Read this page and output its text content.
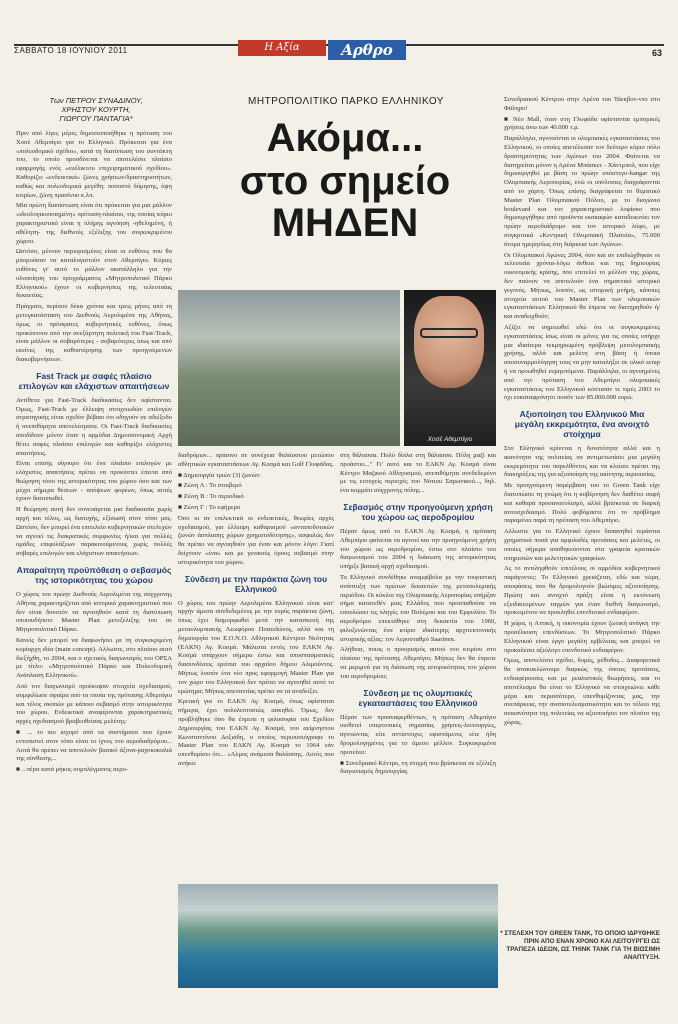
ΣΑΒΒΑΤΟ 18 ΙΟΥΝΙΟΥ 2011	Η Αξία	Αρθρο	63
Των ΠΕΤΡΟΥ ΣΥΝΑΔΙΝΟΥ,
ΧΡΗΣΤΟΥ ΚΟΥΡΤΗ,
ΓΙΩΡΓΟΥ ΠΑΝΤΑΓΙΑ*
ΜΗΤΡΟΠΟΛΙΤΙΚΟ ΠΑΡΚΟ ΕΛΛΗΝΙΚΟΥ
Ακόμα...
στο σημείο
ΜΗΔΕΝ

Πριν από λίγες μέρες δημοσιοποιήθηκε η πρόταση του Χοσέ Αθεμπίγιο για το Ελληνικό. Πρόκειται για ένα «πολεοδομικό σχέδιο», κατά τη διατύπωση του συντάκτη του, το οποίο προσδίνεται να αποτελέσει πλαίσιο εφαρμογής ενός «ευέλικτου επιχειρηματικού σχεδίου». Καθορίζει «ενδεικτικά» ζώνες χρήσεων/δραστηριοτήτων, καθώς και πολεοδομικά μεγέθη: ποσοστό δόμησης, ύψη κτιρίων, ζώνη πρασίνου κ.λπ.

Μία πρώτη διαπίστωση είναι ότι πρόκειται για μια μάλλον «ιδεολογικοποιημένη» πρόταση-πλαίσιο, της οποίας κύριο χαρακτηριστικό είναι η πλήρης αγνόηση -ηθελημένη, ή αθέλητη- της διεθνούς εξέλιξης του συγκεκριμένου χώρου.

Ωστόσο, μένουν περιορισμένες είναι οι ευθύνες που θα μπορούσαν να καταλογιστούν στον Αθεμπίγιο. Κύριες ευθύνες γι' αυτό το μάλλον ακατάλληλο για την υλοποίηση του προγράμματος «Μητροπολιτικό Πάρκο Ελληνικού» έχουν οι κυβερνήσεις της τελευταίας δεκαετίας.

Πράγματι, περίπου δέκα χρόνια και τρεις μήνες από τη μετεγκατάσταση του Διεθνούς Αερολιμένα της Αθήνας, όμως οι πρόσφατες κυβερνητικές ευθύνες, όπως προκύπτουν από την ανεξάρτητη πολιτική του Fast-Track, είναι μάλλον οι σοβαρότερες - σοβαρότερες ίσως και από εκείνες της καθυστέρησης των προηγούμενων διακυβερνήσεων.

Fast Track με σαφές πλαίσιο επιλογών και ελάχιστων απαιτήσεων

Αντίθετα για Fast-Track διαδικασίες δεν υφίστανται. Όμως, Fast-Track με έλλειψη στοιχειωδών επιλογών στρατηγικής είναι σχεδόν βέβαιο ότι οδηγούν σε αδιέξοδο ή ανεπιθύμητα αποτελέσματα. Οι Fast-Track διαδικασίες αποδίδουν μόνον όταν η αρμόδια Δημοσιονομική Αρχή θέτει σαφές πλαίσιο επιλογών και καθορίζει ελάχιστες απαιτήσεις.

Είναι επίσης σίγουρο ότι ένα πλαίσιο επιλογών με ελάχιστες απαιτήσεις πρέπει να προκύπτει έπειτα από θεώρηση τόσο της ιστορικότητας του χώρου όσο και των μέχρι σήμερα θέσεων - απόψεων φορέων, όπως αυτές έχουν διατυπωθεί.

Η θεώρηση αυτή δεν συνεπάγεται μια διαδικασία χωρίς αρχή και τέλος, ως διατυχής, εξίσωσή στον τόπο μας. Ωστόσο, δεν μπορεί ένα επιτελείο κυβερνητικών στελεχών να αγνοεί τις διακρατικές συμφωνίες ή/και για πολλές ομάδες επιφυλάξεων παρακινούμενους χωρίς πολλές σοβαρές επιλογών και ελάχιστων απαιτήσεων.

Απαραίτητη προϋπόθεση ο σεβασμός της ιστορικότητας του χώρου

Ο χώρος του πρώην Διεθνούς Αερολιμένα της σύγχρονης Αθήνας χαρακτηρίζεται από ιστορικό χαρακτηριστικό που δεν είναι δυνατόν να αγνοηθούν κατά τη διατύπωση οποιουδήποτε Master Plan μετεξέλιξης του σε Μητροπολιτικό Πάρκο.

Κανείς δεν μπορεί να διαφωνήσει με τη συγκεκριμένη κυρίαρχη ιδέα (main concept). Αλλωστε, στο πλαίσιο αυτό διεξήχθη, το 2004, και ο σχετικός διαγωνισμός του ΟΡΣΑ με τίτλο: «Μητροπολιτικό Πάρκο και Πολεοδομική Ανάπλαση Ελληνικού».

Από τον διαγωνισμό προέκυψαν στοιχεία σχεδιασμού, συμφιλίωσε σφαίρα από τα οποία της πρότασης Αθεμπίγιο και τέλος σκοπών με κάποιο σεβασμό στην ιστορικότητα του χώρου. Ενδεικτικά αναφέρονται χαρακτηριστικές αρχές σχεδιασμού βραβευθείσας μελέτης:

■ ... το πιο ισχυρό από τα συστήματα που έχουν εντοπιστεί στον τόπο είναι το ίχνος του αεροδιαδρόμου... Αυτά θα πρέπει να αποτελούν βασικό άξονα-ραχοκοκαλιά της σύνθεσης...

■ ...πέρα κατά μήκος συμπλέγματος αερο-

Χοσέ Αθεμπίγιο

διαδρόμων... πράσινο σε συνέχεια θαλάσσιου μετώπου αθλητικών εγκαταστάσεων Αγ. Κοσμά και Golf Γλυφάδας.

■ Δημιουργία τριών (3) ζωνών:

■ Ζώνη Α : Το στοιβερό

■ Ζώνη Β : Το περιοδικό

■ Ζώνη Γ : Το εφήμερο

Όσο κι αν επιλεκτικά οι ενδεικτικές, θεωρίες αρχές σχεδιασμού, για έλλειψη καθαρισμού «ανταποδοτικών ζωνών άσπλασης χώρων χρηματοδότησης», ασφαλώς δεν θα πρέπει να αγνοηθούν για έναν και μόνον λόγο: Γιατί δείχνουν «ένα» και με γενικούς όρους σεβασμό στην ιστορικότητα του χώρου.

Σύνδεση με την παράκτια ζώνη του Ελληνικού

Ο χώρος του πρώην Αερολιμένα Ελληνικού είναι κατ' αρχήν άμεσα συνδεδεμένος με την ευρύς παράκτια ζώνη, όπως έχει διαμορφωθεί μετά την κατασκευή της μεταολυμπιακής Λεωφόρου Ποσειδώνος, αλλά και τη δημιουργία του Ε.Ο.Ν.Ο. Αθλητικού Κέντρου Νεότητας (ΕΑΚΝ) Αγ. Κοσμά. Μάλιστα εντός του ΕΛΚΝ Αγ. Κοσμά υπάρχουν σήμερα έστω και αποσπασματικές διασυνδέσεις ερείπια του αρχαίου δήμου Αλιμούντος. Μήπως λοιπόν ένα νέο προς εφαρμογή Master Plan για τον χώρο του Ελληνικού δεν πρέπει να αγνοηθεί αυτό το ερώτημα; Μήπως απεναντίας πρέπει να τα αναδείξει.

Κριτική για το ΕΑΚΝ Αγ. Κοσμά, όπως υφίσταται σήμερα, έχει πολυλεπτοσιώς ασκηθεί. Όμως, δεν προβλήθηκε όσο θα έπρεπε η φιλοσοφία του Σχεδίου Δημιουργίας του ΕΑΚΝ Αγ. Κοσμά, του αείμνηστου Κωνσταντίνου Δοξιάδη, ο οποίος περιουσιόγραφε το Master Plan του ΕΑΚΝ Αγ. Κοσμά το 1964 εάν υπενθυμίσει ότι... «Αλμος ανάμεσα θαλάσσης. Αυτός που ανήκει

στη θάλασσα. Πολύ δίπλα στη θάλασσα. Πόλη μαζί και προάστιο..." Γι' αυτό και το ΕΑΚΝ Αγ. Κοσμά είναι Κέντρο Μαζικού Αθλητισμού, ανεπιθύμητα συνδεδεμένο με τις ευτυχείς περιοχές του Νότιου Σαρωνικού..., δηλ. ένα κομμάτι σύγχρονης πόλης...

Σεβασμός στην προηγούμενη χρήση του χώρου ως αεροδρομίου

Πέραν όμως από το ΕΑΚΝ Αγ. Κοσμά, η πρόταση Αθεμπίγιο φαίνεται να αγνοεί και την προηγούμενη χρήση του χώρου ως αεροδρομίου, έστω στο πλαίσιο του διαγωνισμού του 2004 η διάσωση της ιστορικότητας υπήρξε βασική αρχή σχεδιασμού.

Το Ελληνικό συνδέθηκε αναμφίβολα με την τουριστική ανάπτυξη των πρώτων δεκαετιών της μεταπολεμικής περιόδου. Οι κύκλοι της Ολυμπιακής Αεροπορίας υπήρξαν σήμα κατατεθέν μιας Ελλάδος που προσπαθούσε να επουλώσει τις πληγές του Πολέμου και του Εμφυλίου. Το αεροδρόμιο επεκτάθηκε στη δεκαετία του 1960, φιλοξενώντας ένα κτίριο ιδιαίτερης αρχιτεκτονικής ιστορικής αξίας: τον Αεροσταθμό Saarinen.

Αλήθεια, ποιος ο προορισμός αυτού του κτιρίου στο πλαίσιο της πρότασης Αθεμπίγιο; Μήπως δεν θα έπρεπε να μεριμνά για τη διάσωση της ιστορικότητας του χώρου του αεροδρομίου;

Σύνδεση με τις ολυμπιακές εγκαταστάσεις του Ελληνικού

Πέραν των προαναφερθέντων, η πρόταση Αθεμπίγιο υιοθετεί υπερτοπικές σημασίας χρήσεις-λειτουργίες, αγνοώντας είτε αντίστοιχες υφιστάμενες είτε ήδη δρομολογημένες για το άμεσο μέλλον. Συγκεκριμένα προτείνει:

■ Συνεδριακό Κέντρο, τη στιγμή που βρίσκεται σε εξέλιξη διαγωνισμός δημιουργίας

Συνεδριακού Κέντρου στην Αρένα του Τάεκβον-ντο στο Φάληρο!

■ Νέο Mall, όταν στη Γλυφάδα υφίστανται εμπορικές χρήσεις άνω των 40.000 τ.μ.

Παράλληλα, αγνοούνται οι ολυμπιακές εγκαταστάσεις του Ελληνικού, οι οποίες απετέλεσαν τον δεύτερο κύριο πόλο δραστηριότητας των Αγώνων του 2004. Φαίνεται να διατηρείται μόνον η Αρένα Μπάσκετ - Χάντμπολ, που είχε δημιουργηθεί με βάση το πρώην υπόστεγο-hangar της Ολυμπιακής Αεροπορίας, ενώ οι υπόλοιπες διαγράφονται από το χάρτη. Όπως επίσης διαγράφεται το θεματικό Master Plan Ολυμπιακού Πόλου, με το διαγώνιο boulevard και τον χαρακτηριστικό λοφίσκο που δημιουργήθηκε από προϊόντα εκσκαφών καταδεικνύει τον πρώην αεροδιάδρομο και τον ιστορικό λόφο, με συγκριτικά «Κεντρική Ολυμπιακή Πλατεία», 75.000 άτομα ημερησίως στη διάρκεια των Αγώνων.

Οι Ολυμπιακοί Αγώνες 2004, όσο και αν επιδιώχθηκαν οι τελευταία χρόνια-λόγω άνθεια και της δημιουρίας οικονομικής κρίσης, που επιτελεί το μέλλον της χώρας, δεν παύουν να αποτελούν ένα σημαντικό ιστορικό γεγονός. Μήπως, λοιπόν, ως ιστορική μνήμη, κάποιες στοιχεία αυτού του Master Plan των ολυμπιακών εγκαταστάσεων Ελληνικού θα έπρεπε να διατηρηθούν ή/και αναδειχθούν;

Αξίζει να σημειωθεί εδώ ότι οι συγκεκριμένες εγκαταστάσεις ίσως είναι οι μόνες για τις οποίες υπήρχε μια ιδιαίτερα τεκμηριωμένη πρόβλεψη μετολυμπιακής χρήσης, αλλά και μελέτη στη βάση ή όποια αποσυναρμολόγηση τους να μην καταλήξει σε υλικό scrap ή να προωθηθεί ευρηεπόμενα. Παράλληλα, οι αγνοημένες από την πρόταση του Αθεμπίγιο ολυμπιακές εγκαταστάσεις του Ελληνικού κόστισαν τε τιμές 2003 το όχι ευκαταφρόνητο ποσόν των 85.000.000 ευρώ.

Αξιοποίηση του Ελληνικού Μια μεγάλη εκκρεμότητα, ένα ανοιχτό στοίχημα

Στο Ελληνικό κρίνεται η δυνατότητα αλλά και η ικανότητα της πολιτείας να αντιμετωπίσει μια μεγάλη εκκρεμότητα του παρελθόντος και να κλείσει πρέπει της διακηρύξεις της για αξιοποίηση της ακίνητης περιουσίας.

Με προηγούμενη παρέμβαση του το Green Tank είχε διατυπώσει τη γνώμη ότι η κυβέρνηση δεν διαθέτει σαφή και καθαρά προσανατολισμό, αλλά βρίσκεται σε διαρκή αυτοσχεδιασμό. Πολύ φοβόμαστε ότι το πρόβλημα παραμένει παρά τη πρόταση του Αθεμπίγιο.

Αλλωστε για το Ελληνικό έχουν δαπανηθεί τεράστια χρηματικά ποσά για αμφιλαδές προτάσεις και μελέτες, οι οποίες σήμερα αποθηκεύονται στα γραφεία κρατικών υπηρεσιών και μελετητικών γραφείων.

Ας το αντιληφθούν επιτέλους οι αρμόδιοι κυβερνητικοί παράγοντες: Το Ελληνικό χρειάζεται, εδώ και τώρα, αποφάσεις που θα δρομολογούν βιώσιμες αξιοποίησης. Πρώτη και ανοιχτό πράξη είναι η εκτόνωση εξειδικευμένων ταγμών για έναν διεθνή διαγωνισμό, προκειμένου να προκληθεί επενδυτικό ενδιαφέρον.

Η χώρα, η Αττική, η οικονομία έχουν ζωτική ανάγκη την προσέλκυση επενδύσεων. Το Μητροπολιτικό Πάρκο Ελληνικού είναι έργο μεγάλη εμβέλειας και μπορεί να προκαλέσει αξιόλογο επενδυτικό ενδιαφέρον.

Όμως, αποτελέσει σχέδιο, δομές, μέθοδος... Διαφορετικά θα ανακυκλώνουμε διαρκώς της όποιες προτάσεις, ενδιαφέρουσες και με ρεαλιστικές θεωρήσεις, και το αποτέλεσμα θα είναι το Ελληνικό να στοιχειώνει κάθε μέρα και περισσότερο, υπενθυμίζοντας μας, την ανεπάρκεια, την αναποτελεσματικότητα και το τέλειο της ανικανότητα της πολιτείας να αξιοποιήσει τον πλούτο της χώρας.

* ΣΤΕΛΕΧΗ ΤΟΥ GREEN TANK, ΤΟ ΟΠΟΙΟ ΙΔΡΥΘΗΚΕ ΠΡΙΝ ΑΠΟ ΕΝΑΝ ΧΡΟΝΟ ΚΑΙ ΛΕΙΤΟΥΡΓΕΙ ΩΣ ΤΡΑΠΕΖΑ ΙΔΕΩΝ, ΩΣ THINK TANK ΓΙΑ ΤΗ ΒΙΩΣΙΜΗ ΑΝΑΠΤΥΞΗ.
